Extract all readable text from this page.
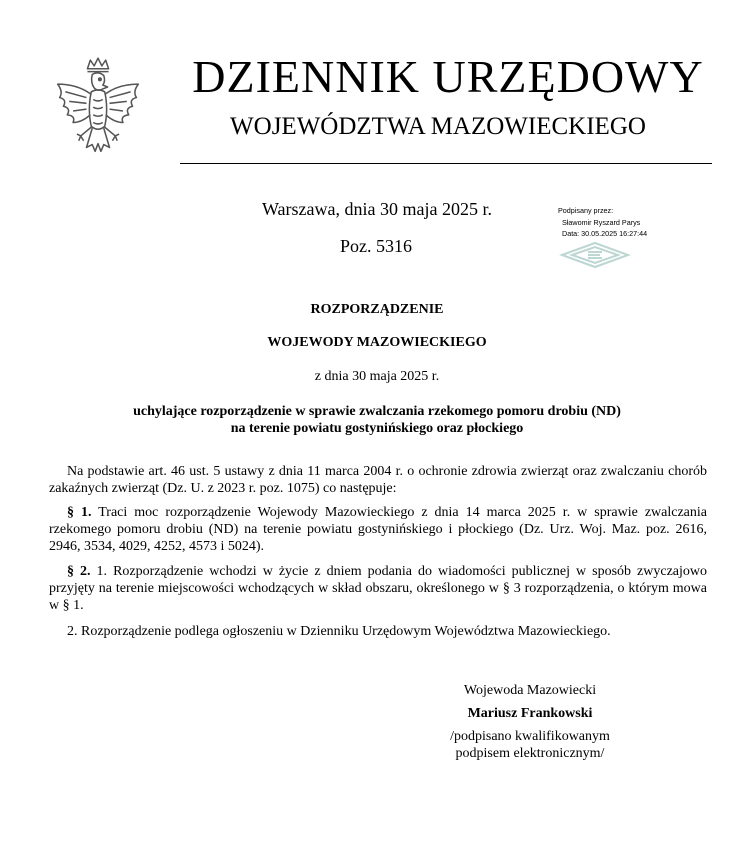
DZIENNIK URZĘDOWY
WOJEWÓDZTWA MAZOWIECKIEGO
Warszawa, dnia 30 maja 2025 r.
Poz. 5316
Podpisany przez:
Sławomir Ryszard Parys
Data: 30.05.2025 16:27:44
ROZPORZĄDZENIE
WOJEWODY MAZOWIECKIEGO
z dnia 30 maja 2025 r.
uchylające rozporządzenie w sprawie zwalczania rzekomego pomoru drobiu (ND)
na terenie powiatu gostynińskiego oraz płockiego
Na podstawie art. 46 ust. 5 ustawy z dnia 11 marca 2004 r. o ochronie zdrowia zwierząt oraz zwalczaniu chorób zakaźnych zwierząt (Dz. U. z 2023 r. poz. 1075) co następuje:
§ 1. Traci moc rozporządzenie Wojewody Mazowieckiego z dnia 14 marca 2025 r. w sprawie zwalczania rzekomego pomoru drobiu (ND) na terenie powiatu gostynińskiego i płockiego (Dz. Urz. Woj. Maz. poz. 2616, 2946, 3534, 4029, 4252, 4573 i 5024).
§ 2. 1. Rozporządzenie wchodzi w życie z dniem podania do wiadomości publicznej w sposób zwyczajowo przyjęty na terenie miejscowości wchodzących w skład obszaru, określonego w § 3 rozporządzenia, o którym mowa w § 1.
2. Rozporządzenie podlega ogłoszeniu w Dzienniku Urzędowym Województwa Mazowieckiego.
Wojewoda Mazowiecki
Mariusz Frankowski
/podpisano kwalifikowanym
podpisem elektronicznym/
